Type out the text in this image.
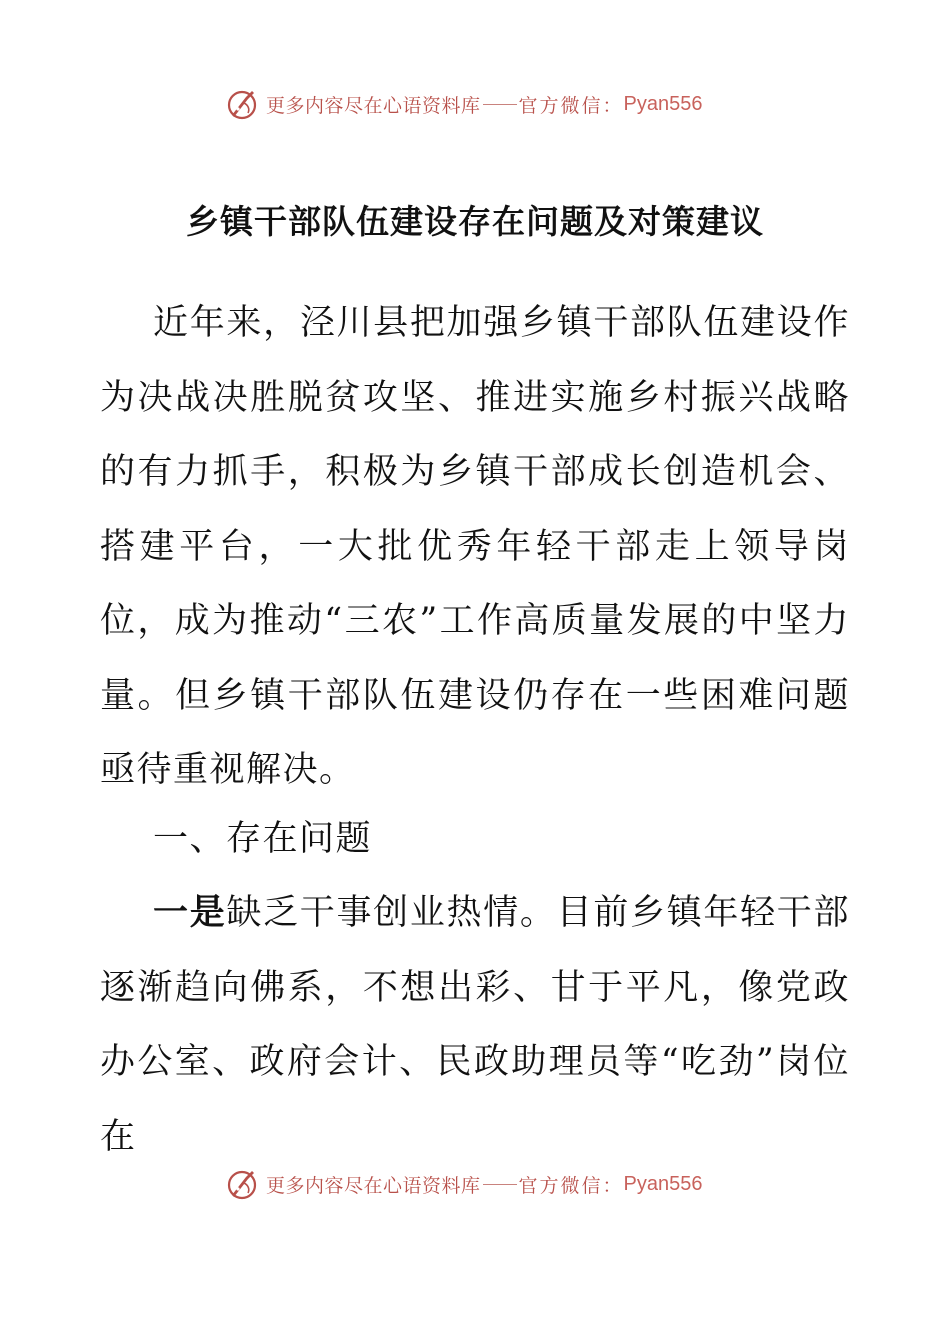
更多内容尽在心语资料库 官方微信： Pyan556
乡镇干部队伍建设存在问题及对策建议

近年来，泾川县把加强乡镇干部队伍建设作为决战决胜脱贫攻坚、推进实施乡村振兴战略的有力抓手，积极为乡镇干部成长创造机会、搭建平台，一大批优秀年轻干部走上领导岗位，成为推动“三农”工作高质量发展的中坚力量。但乡镇干部队伍建设仍存在一些困难问题亟待重视解决。

一、存在问题

一是缺乏干事创业热情。目前乡镇年轻干部逐渐趋向佛系，不想出彩、甘于平凡，像党政办公室、政府会计、民政助理员等“吃劲”岗位在

更多内容尽在心语资料库 官方微信： Pyan556
